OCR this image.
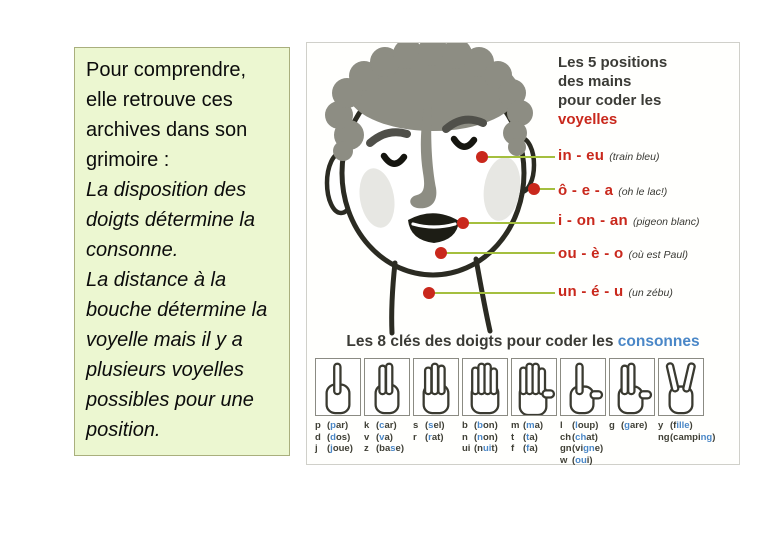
Pour comprendre, elle retrouve ces archives dans son grimoire :
La disposition des doigts détermine la consonne.
La distance à la bouche détermine la voyelle mais il y a plusieurs voyelles possibles pour une position.
Les 5 positions
des mains
pour coder les
voyelles
in - eu (train bleu)
ô - e - a (oh le lac!)
i - on - an (pigeon blanc)
ou - è - o (où est Paul)
un - é - u (un zébu)
Les 8 clés des doigts pour coder les consonnes
p (par)
d (dos)
j (joue)
k (car)
v (va)
z (base)
s (sel)
r (rat)
b (bon)
n (non)
ui (nuit)
m (ma)
t (ta)
f (fa)
l (loup)
ch(chat)
gn(vigne)
w (oui)
g (gare)	y (fille)
ng(camping)
